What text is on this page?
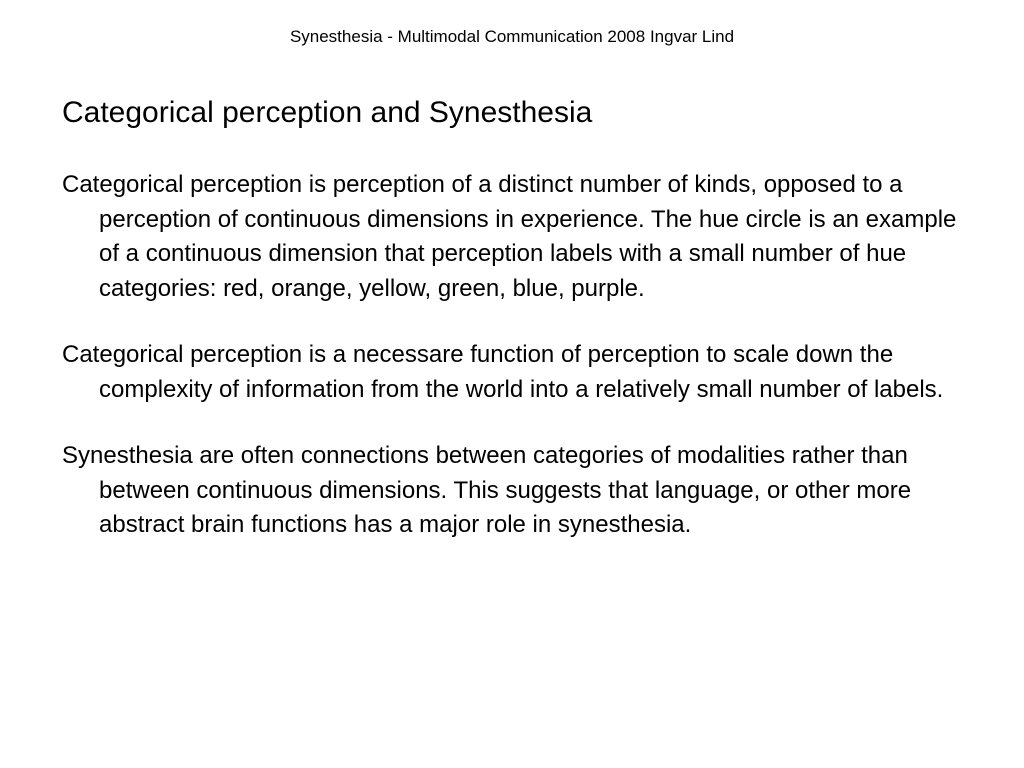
Synesthesia - Multimodal Communication 2008 Ingvar Lind
Categorical perception and Synesthesia

Categorical perception is perception of a distinct number of kinds, opposed to a perception of continuous dimensions in experience. The hue circle is an example of a continuous dimension that perception labels with a small number of hue categories: red, orange, yellow, green, blue, purple.

Categorical perception is a necessare function of perception to scale down the complexity of information from the world into a relatively small number of labels.

Synesthesia are often connections between categories of modalities rather than between continuous dimensions. This suggests that language, or other more abstract brain functions has a major role in synesthesia.
